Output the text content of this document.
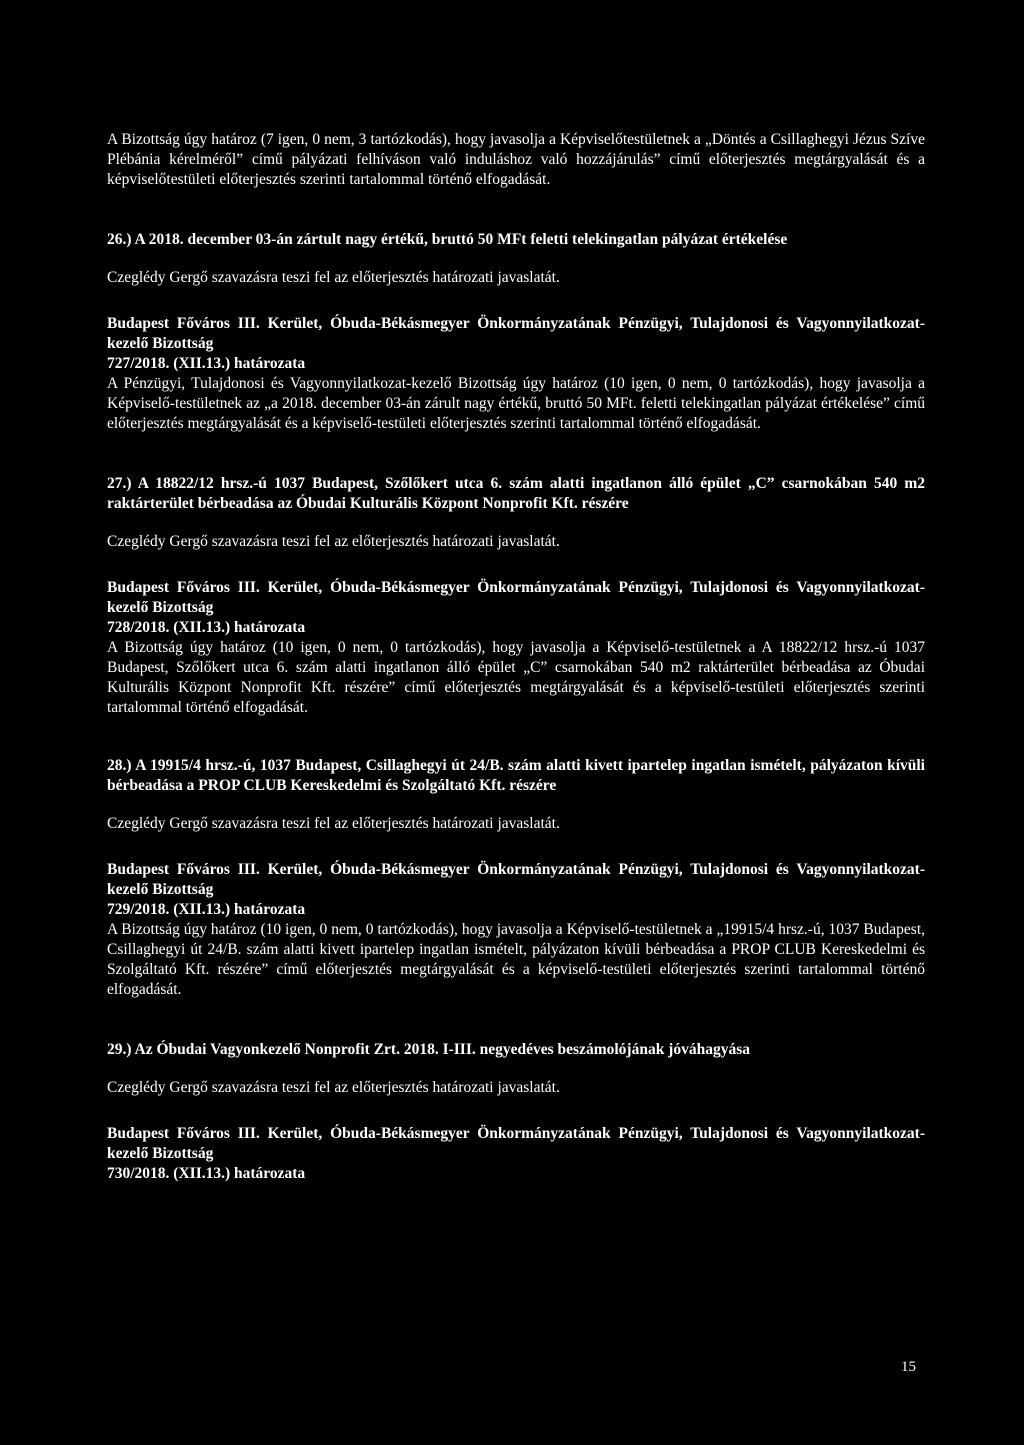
A Bizottság úgy határoz (7 igen, 0 nem, 3 tartózkodás), hogy javasolja a Képviselőtestületnek a „Döntés a Csillaghegyi Jézus Szíve Plébánia kérelméről” című pályázati felhíváson való induláshoz való hozzájárulás” című előterjesztés megtárgyalását és a képviselőtestületi előterjesztés szerinti tartalommal történő elfogadását.

26.) A 2018. december 03-án zártult nagy értékű, bruttó 50 MFt feletti telekingatlan pályázat értékelése

Czeglédy Gergő szavazásra teszi fel az előterjesztés határozati javaslatát.

Budapest Főváros III. Kerület, Óbuda-Békásmegyer Önkormányzatának Pénzügyi, Tulajdonosi és Vagyonnyilatkozat-kezelő Bizottság

727/2018. (XII.13.) határozata

A Pénzügyi, Tulajdonosi és Vagyonnyilatkozat-kezelő Bizottság úgy határoz (10 igen, 0 nem, 0 tartózkodás), hogy javasolja a Képviselő-testületnek az „a 2018. december 03-án zárult nagy értékű, bruttó 50 MFt. feletti telekingatlan pályázat értékelése” című előterjesztés megtárgyalását és a képviselő-testületi előterjesztés szerinti tartalommal történő elfogadását.

27.) A 18822/12 hrsz.-ú 1037 Budapest, Szőlőkert utca 6. szám alatti ingatlanon álló épület „C” csarnokában 540 m2 raktárterület bérbeadása az Óbudai Kulturális Központ Nonprofit Kft. részére

Czeglédy Gergő szavazásra teszi fel az előterjesztés határozati javaslatát.

Budapest Főváros III. Kerület, Óbuda-Békásmegyer Önkormányzatának Pénzügyi, Tulajdonosi és Vagyonnyilatkozat-kezelő Bizottság

728/2018. (XII.13.) határozata

A Bizottság úgy határoz (10 igen, 0 nem, 0 tartózkodás), hogy javasolja a Képviselő-testületnek a A 18822/12 hrsz.-ú 1037 Budapest, Szőlőkert utca 6. szám alatti ingatlanon álló épület „C” csarnokában 540 m2 raktárterület bérbeadása az Óbudai Kulturális Központ Nonprofit Kft. részére” című előterjesztés megtárgyalását és a képviselő-testületi előterjesztés szerinti tartalommal történő elfogadását.

28.) A 19915/4 hrsz.-ú, 1037 Budapest, Csillaghegyi út 24/B. szám alatti kivett ipartelep ingatlan ismételt, pályázaton kívüli bérbeadása a PROP CLUB Kereskedelmi és Szolgáltató Kft. részére

Czeglédy Gergő szavazásra teszi fel az előterjesztés határozati javaslatát.

Budapest Főváros III. Kerület, Óbuda-Békásmegyer Önkormányzatának Pénzügyi, Tulajdonosi és Vagyonnyilatkozat-kezelő Bizottság

729/2018. (XII.13.) határozata

A Bizottság úgy határoz (10 igen, 0 nem, 0 tartózkodás), hogy javasolja a Képviselő-testületnek a „19915/4 hrsz.-ú, 1037 Budapest, Csillaghegyi út 24/B. szám alatti kivett ipartelep ingatlan ismételt, pályázaton kívüli bérbeadása a PROP CLUB Kereskedelmi és Szolgáltató Kft. részére” című előterjesztés megtárgyalását és a képviselő-testületi előterjesztés szerinti tartalommal történő elfogadását.

29.) Az Óbudai Vagyonkezelő Nonprofit Zrt. 2018. I-III. negyedéves beszámolójának jóváhagyása

Czeglédy Gergő szavazásra teszi fel az előterjesztés határozati javaslatát.

Budapest Főváros III. Kerület, Óbuda-Békásmegyer Önkormányzatának Pénzügyi, Tulajdonosi és Vagyonnyilatkozat-kezelő Bizottság

730/2018. (XII.13.) határozata

15
